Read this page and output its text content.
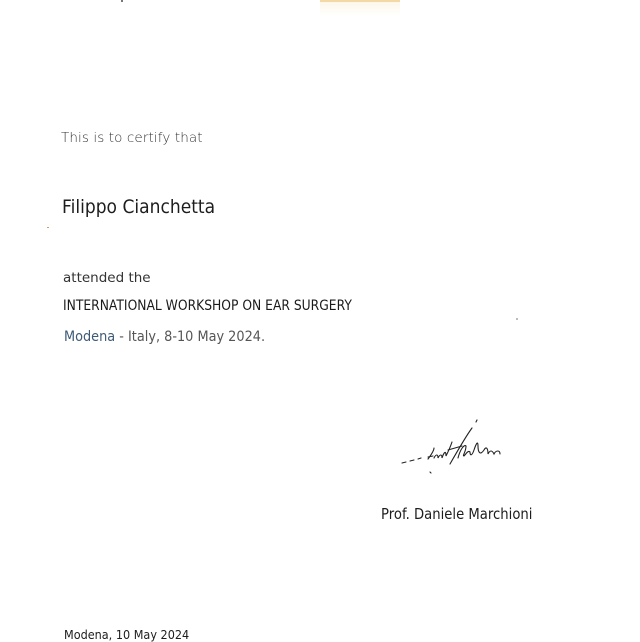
This is to certify that
Filippo Cianchetta
attended the
INTERNATIONAL WORKSHOP ON EAR SURGERY
Modena - Italy, 8-10 May 2024.
Prof. Daniele Marchioni
Modena, 10 May 2024
